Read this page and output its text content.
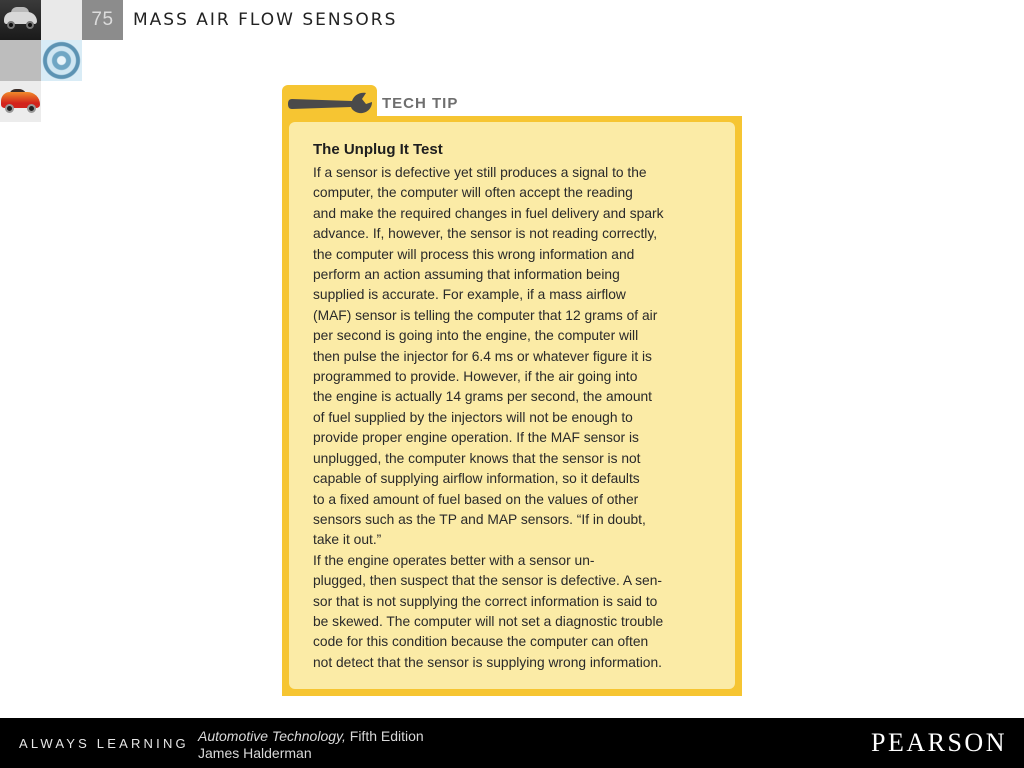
75	MASS AIR FLOW SENSORS
TECH TIP
The Unplug It Test
If a sensor is defective yet still produces a signal to the
computer, the computer will often accept the reading
and make the required changes in fuel delivery and spark
advance. If, however, the sensor is not reading correctly,
the computer will process this wrong information and
perform an action assuming that information being
supplied is accurate. For example, if a mass airflow
(MAF) sensor is telling the computer that 12 grams of air
per second is going into the engine, the computer will
then pulse the injector for 6.4 ms or whatever figure it is
programmed to provide. However, if the air going into
the engine is actually 14 grams per second, the amount
of fuel supplied by the injectors will not be enough to
provide proper engine operation. If the MAF sensor is
unplugged, the computer knows that the sensor is not
capable of supplying airflow information, so it defaults
to a fixed amount of fuel based on the values of other
sensors such as the TP and MAP sensors. “If in doubt,
take it out.”
If the engine operates better with a sensor un-
plugged, then suspect that the sensor is defective. A sen-
sor that is not supplying the correct information is said to
be skewed. The computer will not set a diagnostic trouble
code for this condition because the computer can often
not detect that the sensor is supplying wrong information.
ALWAYS LEARNING Automotive Technology, Fifth Edition
James Halderman	PEARSON
